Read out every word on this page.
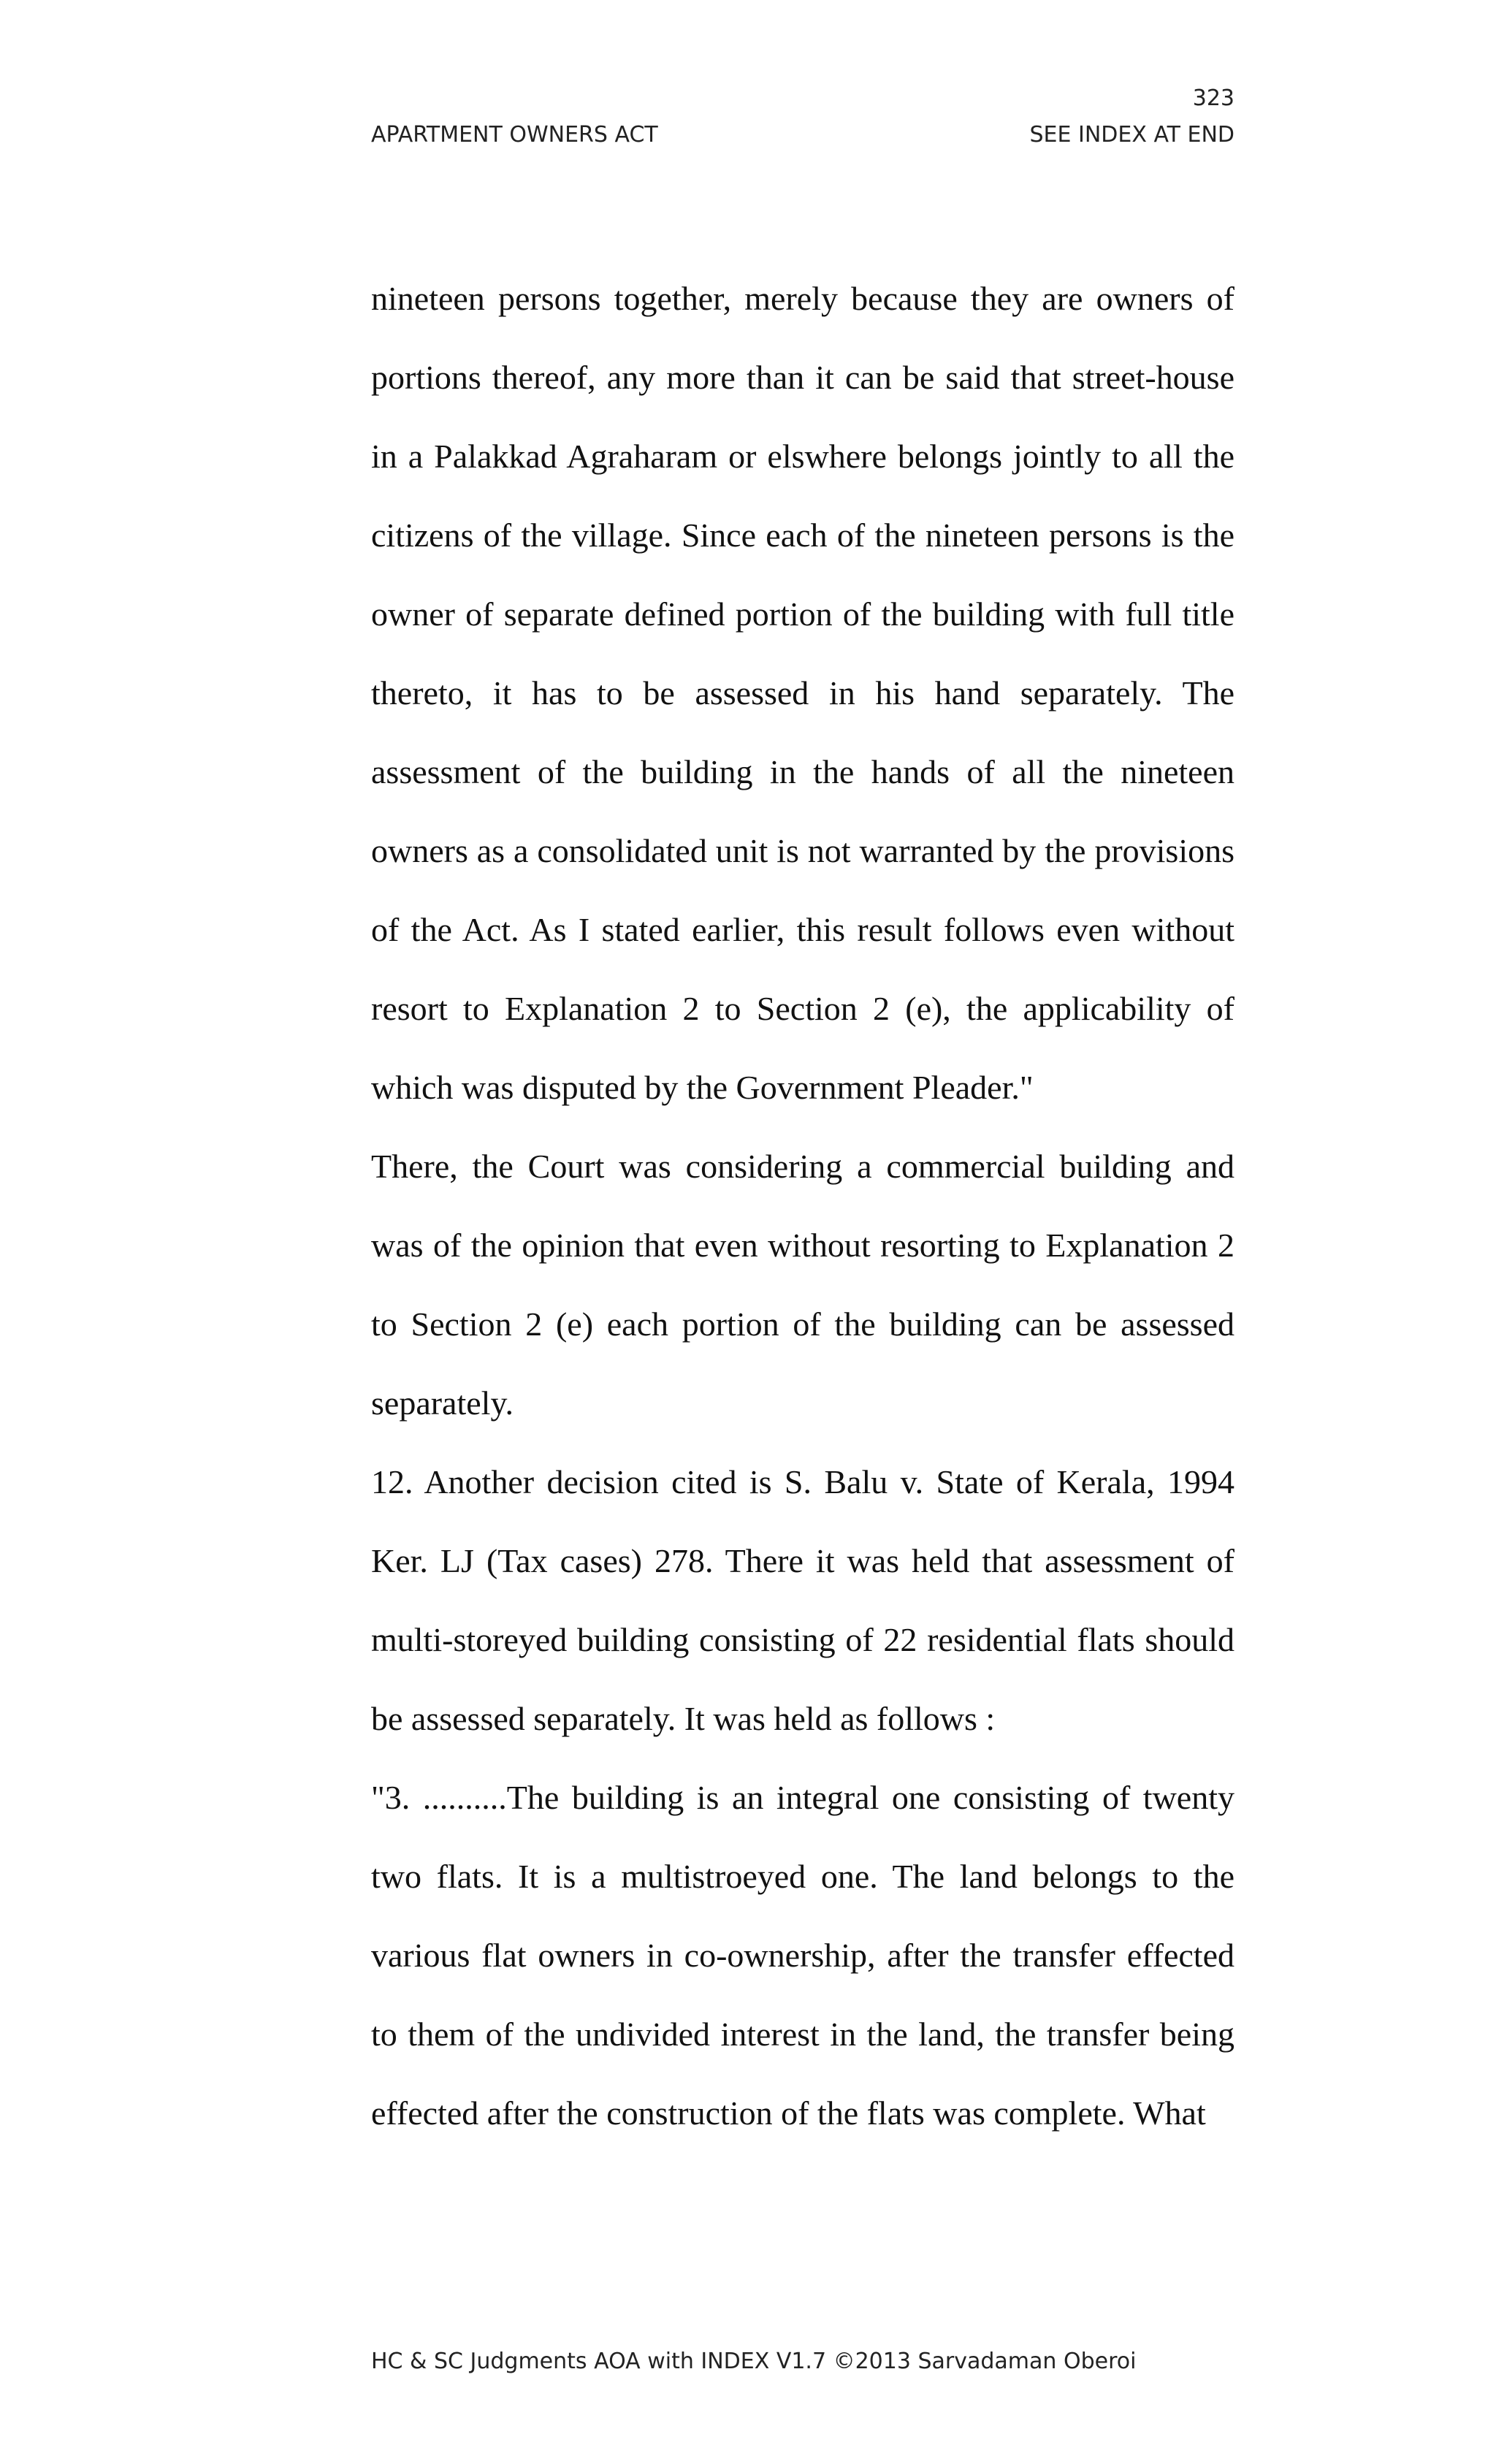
323
APARTMENT OWNERS ACT	SEE INDEX AT END

nineteen persons together, merely because they are owners of portions thereof, any more than it can be said that street-house in a Palakkad Agraharam or elswhere belongs jointly to all the citizens of the village. Since each of the nineteen persons is the owner of separate defined portion of the building with full title thereto, it has to be assessed in his hand separately. The assessment of the building in the hands of all the nineteen owners as a consolidated unit is not warranted by the provisions of the Act. As I stated earlier, this result follows even without resort to Explanation 2 to Section 2 (e), the applicability of which was disputed by the Government Pleader."

There, the Court was considering a commercial building and was of the opinion that even without resorting to Explanation 2 to Section 2 (e) each portion of the building can be assessed separately.

12. Another decision cited is S. Balu v. State of Kerala, 1994 Ker. LJ (Tax cases) 278. There it was held that assessment of multi-storeyed building consisting of 22 residential flats should be assessed separately. It was held as follows :

"3. ..........The building is an integral one consisting of twenty two flats. It is a multistroeyed one. The land belongs to the various flat owners in co-ownership, after the transfer effected to them of the undivided interest in the land, the transfer being effected after the construction of the flats was complete. What

HC & SC Judgments AOA with INDEX V1.7 ©2013 Sarvadaman Oberoi
